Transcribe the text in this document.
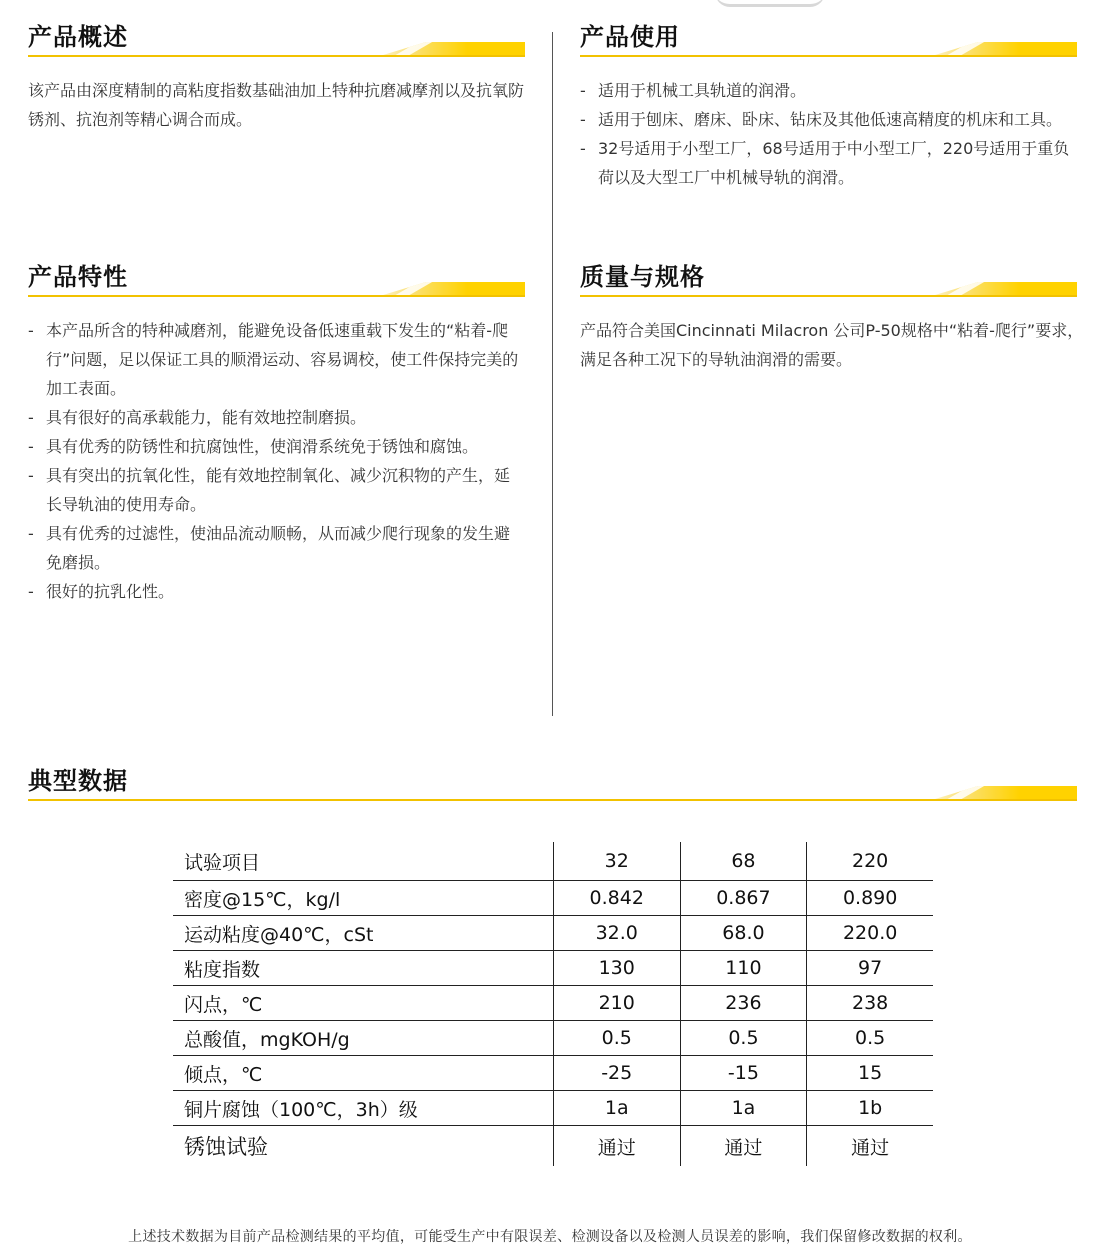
产品概述
该产品由深度精制的高粘度指数基础油加上特种抗磨减摩剂以及抗氧防锈剂、抗泡剂等精心调合而成。
产品使用
- 适用于机械工具轨道的润滑。
- 适用于刨床、磨床、卧床、钻床及其他低速高精度的机床和工具。
- 32号适用于小型工厂，68号适用于中小型工厂，220号适用于重负荷以及大型工厂中机械导轨的润滑。
产品特性
- 本产品所含的特种减磨剂，能避免设备低速重载下发生的“粘着-爬行”问题，足以保证工具的顺滑运动、容易调校，使工件保持完美的加工表面。
- 具有很好的高承载能力，能有效地控制磨损。
- 具有优秀的防锈性和抗腐蚀性，使润滑系统免于锈蚀和腐蚀。
- 具有突出的抗氧化性，能有效地控制氧化、减少沉积物的产生，延长导轨油的使用寿命。
- 具有优秀的过滤性，使油品流动顺畅，从而减少爬行现象的发生避免磨损。
- 很好的抗乳化性。
质量与规格
产品符合美国Cincinnati Milacron 公司P-50规格中“粘着-爬行”要求，满足各种工况下的导轨油润滑的需要。
典型数据
试验项目	32	68	220
密度@15℃，kg/l	0.842	0.867	0.890
运动粘度@40℃，cSt	32.0	68.0	220.0
粘度指数	130	110	97
闪点，℃	210	236	238
总酸值，mgKOH/g	0.5	0.5	0.5
倾点，℃	-25	-15	15
铜片腐蚀（100℃，3h）级	1a	1a	1b
锈蚀试验	通过	通过	通过
上述技术数据为目前产品检测结果的平均值，可能受生产中有限误差、检测设备以及检测人员误差的影响，我们保留修改数据的权利。
